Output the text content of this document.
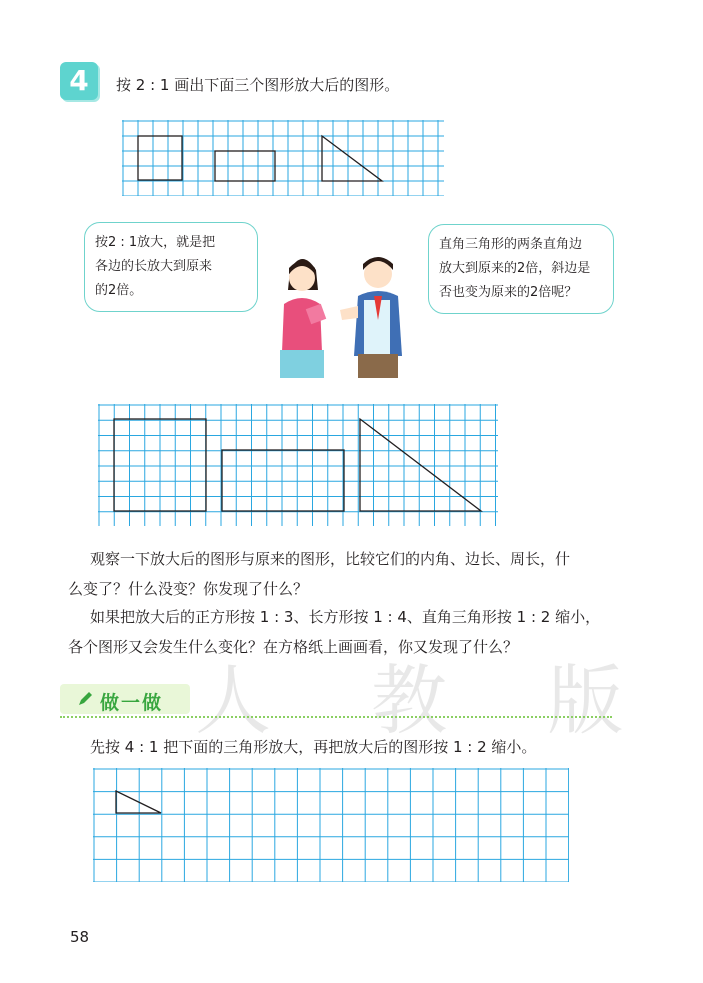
4	按 2 : 1 画出下面三个图形放大后的图形。
按2 : 1放大，就是把
各边的长放大到原来
的2倍。
直角三角形的两条直角边
放大到原来的2倍，斜边是
否也变为原来的2倍呢？
观察一下放大后的图形与原来的图形，比较它们的内角、边长、周长，什
么变了？什么没变？你发现了什么？
如果把放大后的正方形按 1 : 3、长方形按 1 : 4、直角三角形按 1 : 2 缩小，
各个图形又会发生什么变化？在方格纸上画画看，你又发现了什么？
人 教 版
做一做
先按 4 : 1 把下面的三角形放大，再把放大后的图形按 1 : 2 缩小。
58
